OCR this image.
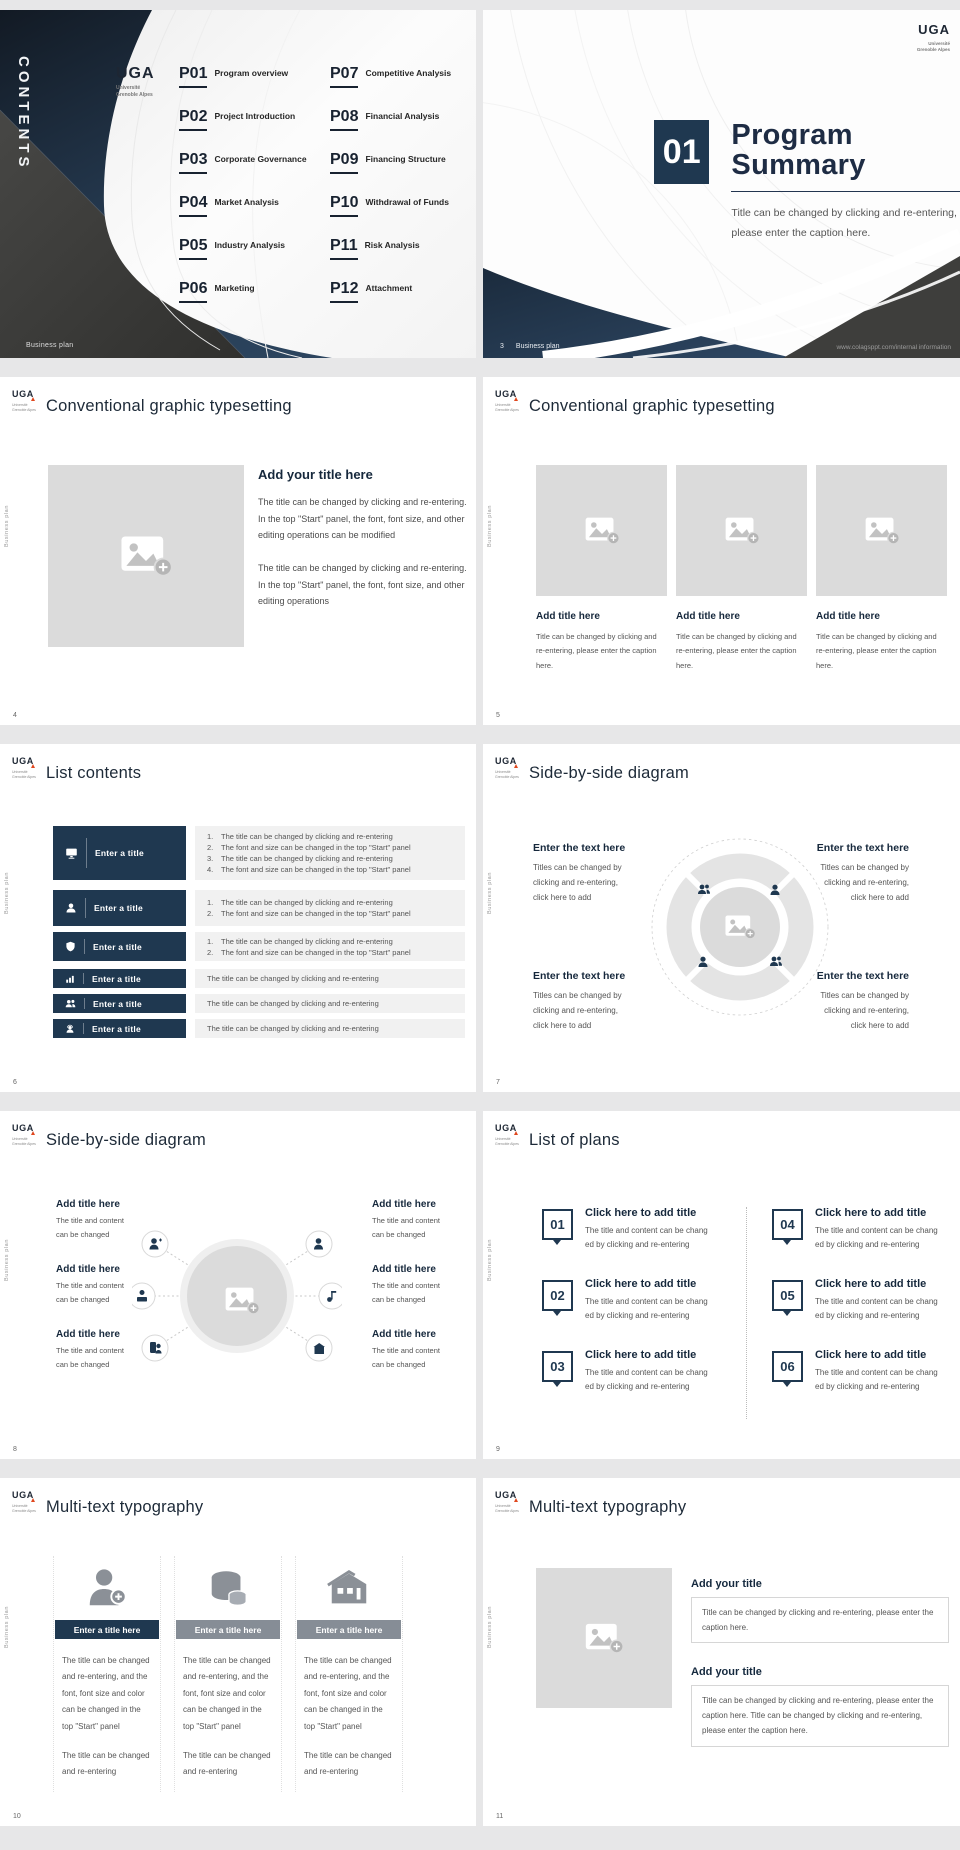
CONTENTS	UGA
Université
Grenoble Alpes
P01 Program overview
P02 Project Introduction
P03 Corporate Governance
P04 Market Analysis
P05 Industry Analysis
P06 Marketing
P07 Competitive Analysis
P08 Financial Analysis
P09 Financing Structure
P10 Withdrawal of Funds
P11 Risk Analysis
P12 Attachment
Business plan
UGA
Université
Grenoble Alpes
01	Program Summary
Title can be changed by clicking and re-entering,
please enter the caption here.
3 Business plan	www.colagsppt.com/internal information
UGA
Université
Grenoble Alpes
Business plan
Conventional graphic typesetting
Add your title here

The title can be changed by clicking and re-entering. In the top "Start" panel, the font, font size, and other editing operations can be modified

The title can be changed by clicking and re-entering. In the top "Start" panel, the font, font size, and other editing operations

4
UGA
Université
Grenoble Alpes
Business plan
Conventional graphic typesetting
Add title here

Title can be changed by clicking and re-entering, please enter the caption here.

Add title here

Title can be changed by clicking and re-entering, please enter the caption here.

Add title here

Title can be changed by clicking and re-entering, please enter the caption here.

5
UGA
Université
Grenoble Alpes
Business plan
List contents
Enter a title
1.	The title can be changed by clicking and re-entering
2.	The font and size can be changed in the top "Start" panel
3.	The title can be changed by clicking and re-entering
4.	The font and size can be changed in the top "Start" panel
Enter a title
1.	The title can be changed by clicking and re-entering
2.	The font and size can be changed in the top "Start" panel
Enter a title
1.	The title can be changed by clicking and re-entering
2.	The font and size can be changed in the top "Start" panel
Enter a title	The title can be changed by clicking and re-entering
Enter a title	The title can be changed by clicking and re-entering
Enter a title	The title can be changed by clicking and re-entering
6
UGA
Université
Grenoble Alpes
Business plan
Side-by-side diagram
Enter the text here
Titles can be changed by
clicking and re-entering,
click here to add
Enter the text here
Titles can be changed by
clicking and re-entering,
click here to add
Enter the text here
Titles can be changed by
clicking and re-entering,
click here to add
Enter the text here
Titles can be changed by
clicking and re-entering,
click here to add
7
UGA
Université
Grenoble Alpes
Business plan
Side-by-side diagram
Add title here
The title and content
can be changed
Add title here
The title and content
can be changed
Add title here
The title and content
can be changed
Add title here
The title and content
can be changed
Add title here
The title and content
can be changed
Add title here
The title and content
can be changed
8
UGA
Université
Grenoble Alpes
Business plan
List of plans
01
Click here to add title
The title and content can be chang
ed by clicking and re-entering
02
Click here to add title
The title and content can be chang
ed by clicking and re-entering
03
Click here to add title
The title and content can be chang
ed by clicking and re-entering
04
Click here to add title
The title and content can be chang
ed by clicking and re-entering
05
Click here to add title
The title and content can be chang
ed by clicking and re-entering
06
Click here to add title
The title and content can be chang
ed by clicking and re-entering
9
UGA
Université
Grenoble Alpes
Business plan
Multi-text typography
Enter a title here

The title can be changed and re-entering, and the font, font size and color can be changed in the top "Start" panel

The title can be changed and re-entering

Enter a title here

The title can be changed and re-entering, and the font, font size and color can be changed in the top "Start" panel

The title can be changed and re-entering

Enter a title here

The title can be changed and re-entering, and the font, font size and color can be changed in the top "Start" panel

The title can be changed and re-entering

10
UGA
Université
Grenoble Alpes
Business plan
Multi-text typography
Add your title
Title can be changed by clicking and re-entering, please enter the caption here.
Add your title
Title can be changed by clicking and re-entering, please enter the caption here. Title can be changed by clicking and re-entering, please enter the caption here.
11
